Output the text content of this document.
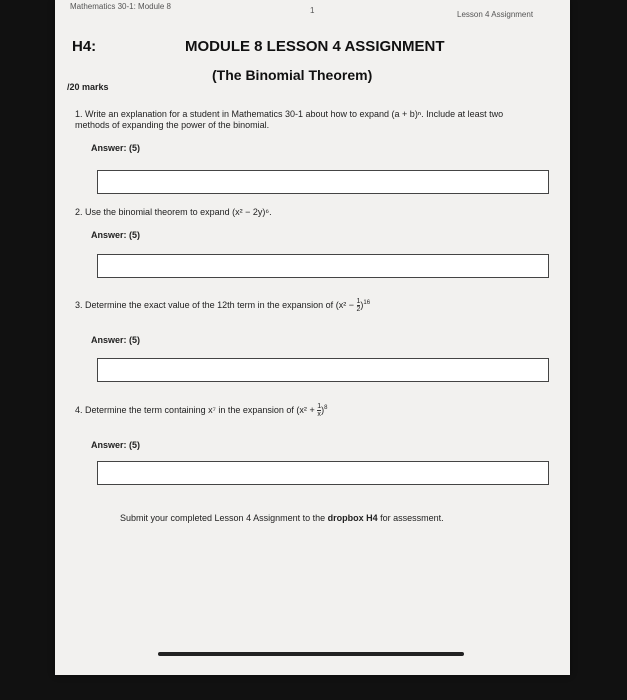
Mathematics 30-1: Module 8	1	Lesson 4 Assignment
H4:	MODULE 8 LESSON 4 ASSIGNMENT
(The Binomial Theorem)
/20 marks
1. Write an explanation for a student in Mathematics 30-1 about how to expand (a + b)ⁿ. Include at least two methods of expanding the power of the binomial.
Answer: (5)
2. Use the binomial theorem to expand (x² − 2y)⁶.
Answer: (5)
3. Determine the exact value of the 12th term in the expansion of $(x^2 - \frac{1}{2})^{16}$
Answer: (5)
4. Determine the term containing x⁷ in the expansion of $(x^2 + \frac{1}{x})^8$
Answer: (5)
Submit your completed Lesson 4 Assignment to the dropbox H4 for assessment.
